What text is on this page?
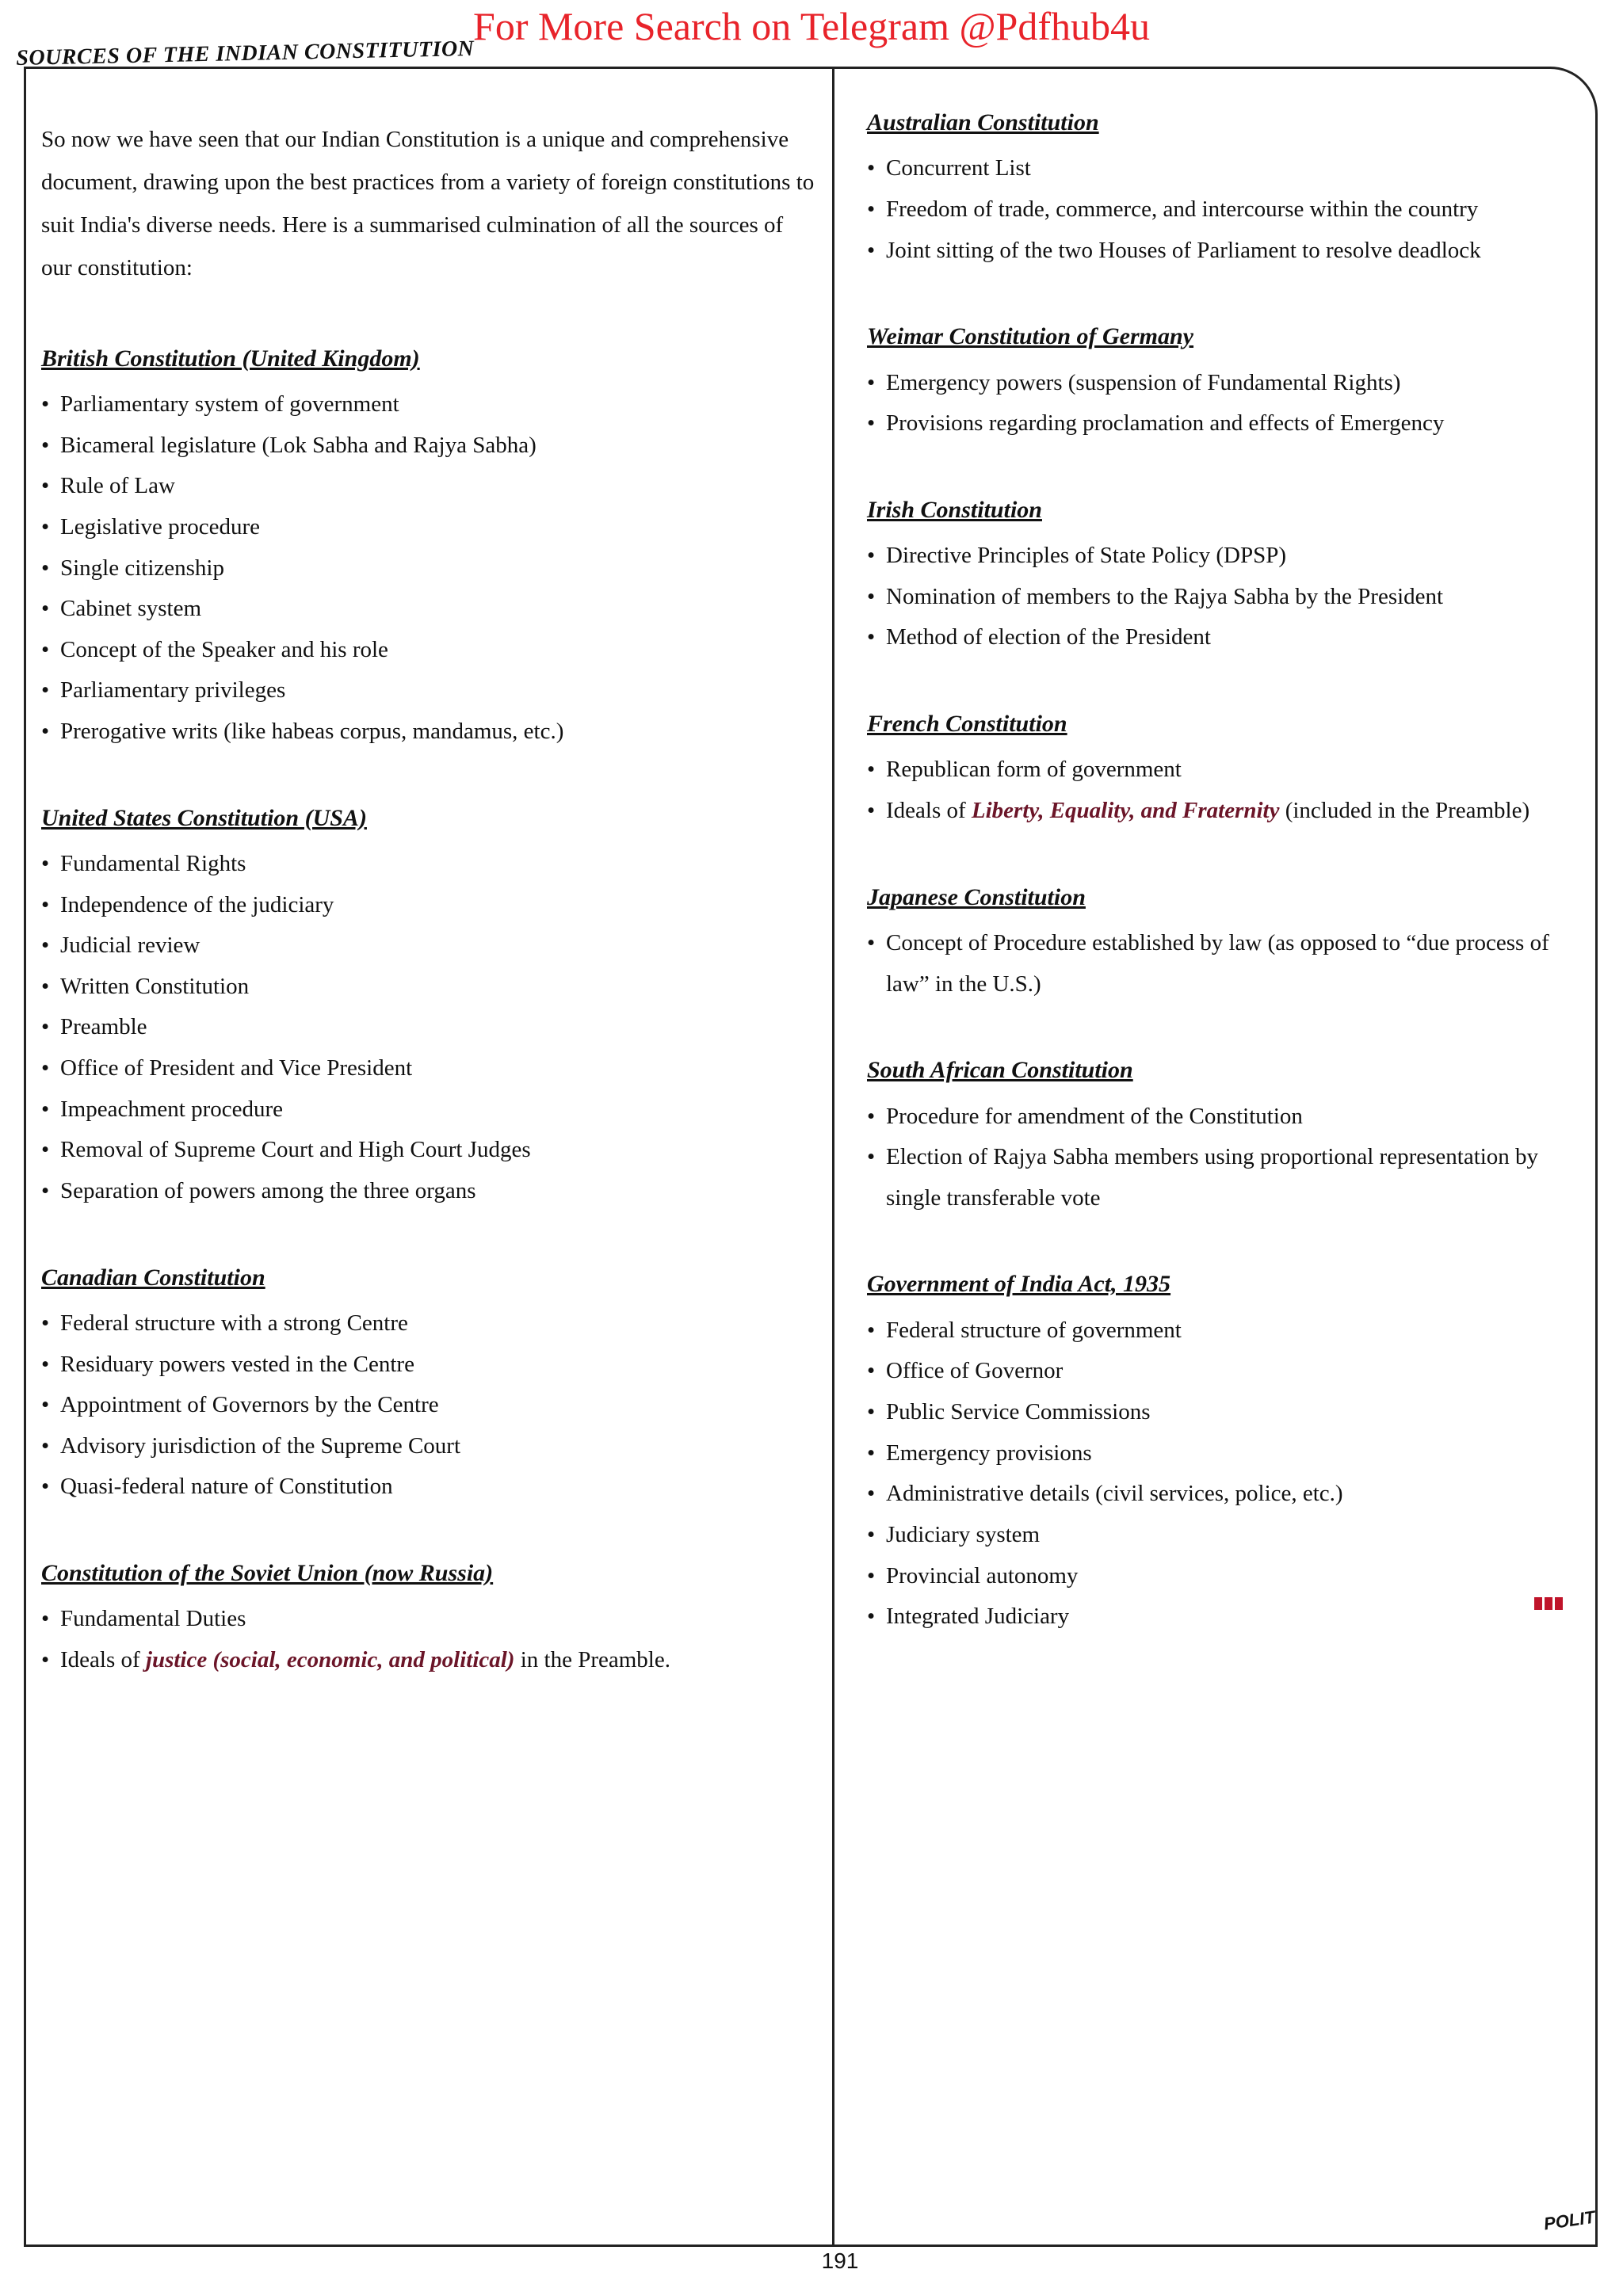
For More Search on Telegram @Pdfhub4u
SOURCES OF THE INDIAN CONSTITUTION

So now we have seen that our Indian Constitution is a unique and comprehensive document, drawing upon the best practices from a variety of foreign constitutions to suit India's diverse needs. Here is a summarised culmination of all the sources of our constitution:

British Constitution (United Kingdom)
• Parliamentary system of government
• Bicameral legislature (Lok Sabha and Rajya Sabha)
• Rule of Law
• Legislative procedure
• Single citizenship
• Cabinet system
• Concept of the Speaker and his role
• Parliamentary privileges
• Prerogative writs (like habeas corpus, mandamus, etc.)
United States Constitution (USA)
• Fundamental Rights
• Independence of the judiciary
• Judicial review
• Written Constitution
• Preamble
• Office of President and Vice President
• Impeachment procedure
• Removal of Supreme Court and High Court Judges
• Separation of powers among the three organs
Canadian Constitution
• Federal structure with a strong Centre
• Residuary powers vested in the Centre
• Appointment of Governors by the Centre
• Advisory jurisdiction of the Supreme Court
• Quasi-federal nature of Constitution
Constitution of the Soviet Union (now Russia)
• Fundamental Duties
• Ideals of justice (social, economic, and political) in the Preamble.
Australian Constitution
• Concurrent List
• Freedom of trade, commerce, and intercourse within the country
• Joint sitting of the two Houses of Parliament to resolve deadlock
Weimar Constitution of Germany
• Emergency powers (suspension of Fundamental Rights)
• Provisions regarding proclamation and effects of Emergency
Irish Constitution
• Directive Principles of State Policy (DPSP)
• Nomination of members to the Rajya Sabha by the President
• Method of election of the President
French Constitution
• Republican form of government
• Ideals of Liberty, Equality, and Fraternity (included in the Preamble)
Japanese Constitution
• Concept of Procedure established by law (as opposed to “due process of law” in the U.S.)
South African Constitution
• Procedure for amendment of the Constitution
• Election of Rajya Sabha members using proportional representation by single transferable vote
Government of India Act, 1935
• Federal structure of government
• Office of Governor
• Public Service Commissions
• Emergency provisions
• Administrative details (civil services, police, etc.)
• Judiciary system
• Provincial autonomy
• Integrated Judiciary
191
POLIT
